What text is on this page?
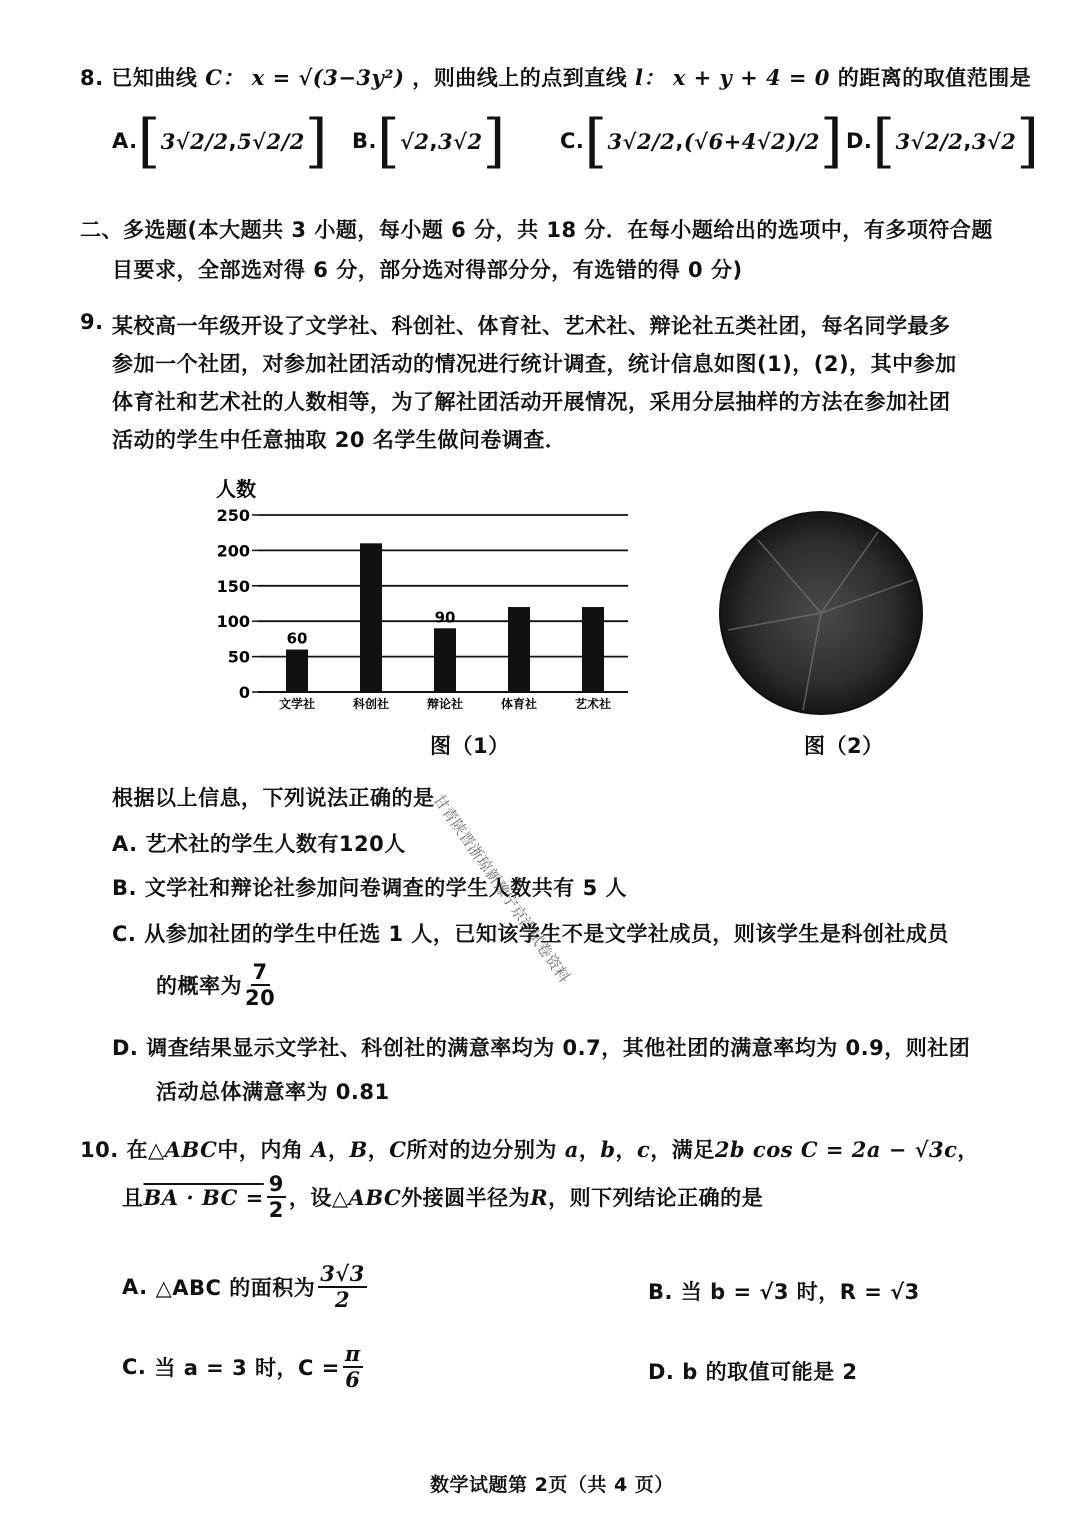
8. 已知曲线 C： x = √(3−3y²) ，则曲线上的点到直线 l： x + y + 4 = 0 的距离的取值范围是
A. [ 3√2/2 , 5√2/2 ] B. [ √2 , 3√2 ]	C. [ 3√2/2 , (√6+4√2)/2 ] D. [ 3√2/2 , 3√2 ]
二、多选题(本大题共 3 小题，每小题 6 分，共 18 分．在每小题给出的选项中，有多项符合题
目要求，全部选对得 6 分，部分选对得部分分，有选错的得 0 分)
9. 某校高一年级开设了文学社、科创社、体育社、艺术社、辩论社五类社团，每名同学最多
参加一个社团，对参加社团活动的情况进行统计调查，统计信息如图(1)，(2)，其中参加
体育社和艺术社的人数相等，为了解社团活动开展情况，采用分层抽样的方法在参加社团
活动的学生中任意抽取 20 名学生做问卷调查．
人数
0
50
100
150
200
250
文学社	科创社	辩论社	体育社	艺术社
60
90
图（1）	图（2）
甘青陕晋浙琼新豫宁京津试卷资料
根据以上信息，下列说法正确的是
A. 艺术社的学生人数有120人
B. 文学社和辩论社参加问卷调查的学生人数共有 5 人
C. 从参加社团的学生中任选 1 人，已知该学生不是文学社成员，则该学生是科创社成员
的概率为 $\frac{7}{20}$
D. 调查结果显示文学社、科创社的满意率均为 0.7，其他社团的满意率均为 0.9，则社团
活动总体满意率为 0.81
10. 在△ABC中，内角 A，B，C所对的边分别为 a，b，c，满足2b cos C = 2a − √3c，
且 BA · BC = $\frac{9}{2}$ ，设△ ABC 外接圆半径为 R ，则下列结论正确的是
A. △ABC 的面积为 $\frac{3√3}{2}$	B. 当 b = √3 时，R = √3
C. 当 a = 3 时，$C = \frac{\pi}{6}$	D. b 的取值可能是 2
数学试题第 2页（共 4 页）
